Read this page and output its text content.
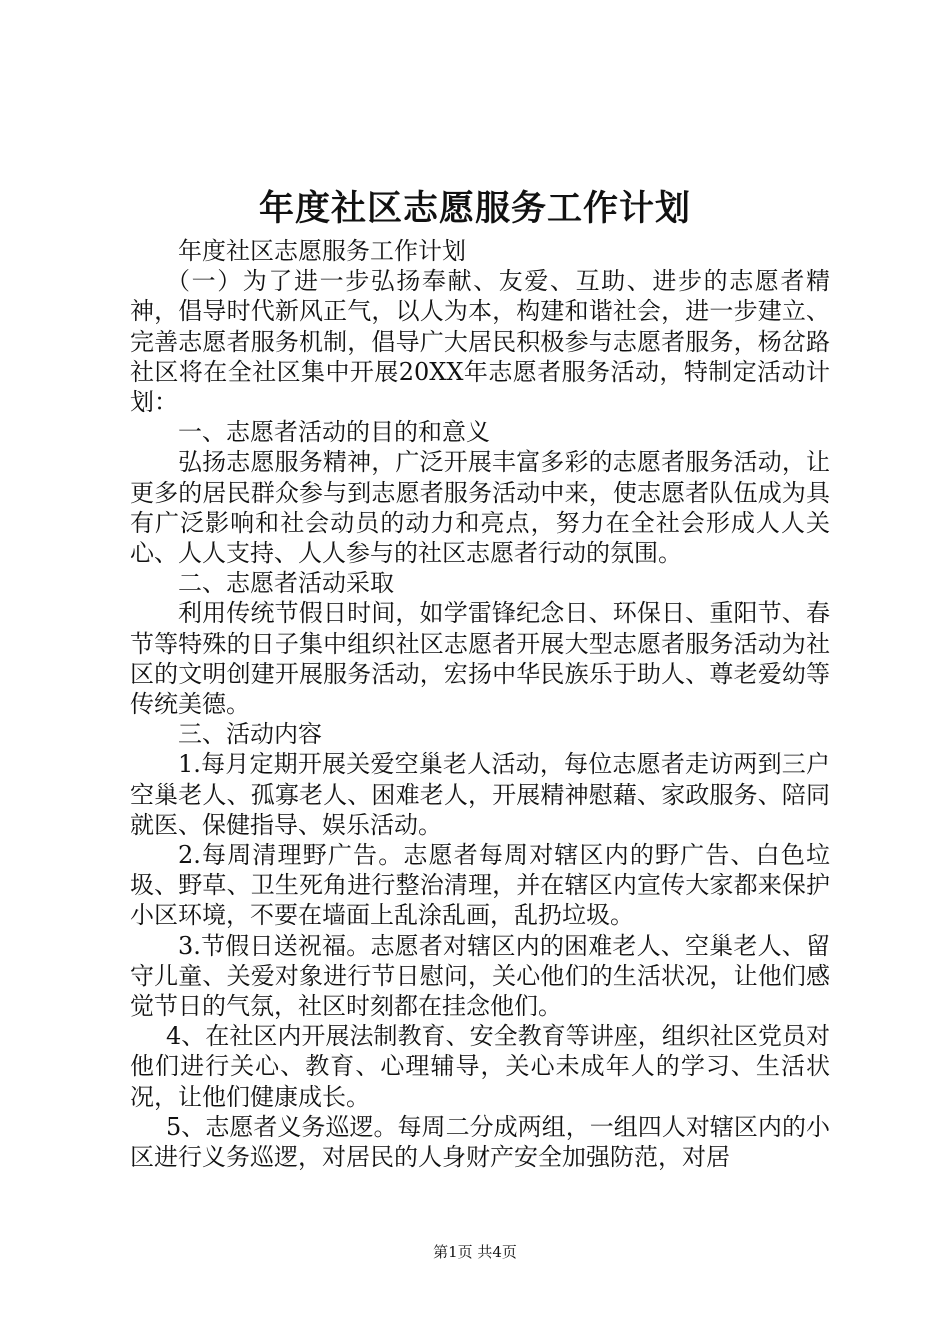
年度社区志愿服务工作计划

年度社区志愿服务工作计划

（一）为了进一步弘扬奉献、友爱、互助、进步的志愿者精神，倡导时代新风正气，以人为本，构建和谐社会，进一步建立、完善志愿者服务机制，倡导广大居民积极参与志愿者服务，杨岔路社区将在全社区集中开展20XX年志愿者服务活动，特制定活动计划：

一、志愿者活动的目的和意义

弘扬志愿服务精神，广泛开展丰富多彩的志愿者服务活动，让更多的居民群众参与到志愿者服务活动中来，使志愿者队伍成为具有广泛影响和社会动员的动力和亮点，努力在全社会形成人人关心、人人支持、人人参与的社区志愿者行动的氛围。

二、志愿者活动采取

利用传统节假日时间，如学雷锋纪念日、环保日、重阳节、春节等特殊的日子集中组织社区志愿者开展大型志愿者服务活动为社区的文明创建开展服务活动，宏扬中华民族乐于助人、尊老爱幼等传统美德。

三、活动内容

1.每月定期开展关爱空巢老人活动，每位志愿者走访两到三户空巢老人、孤寡老人、困难老人，开展精神慰藉、家政服务、陪同就医、保健指导、娱乐活动。

2.每周清理野广告。志愿者每周对辖区内的野广告、白色垃圾、野草、卫生死角进行整治清理，并在辖区内宣传大家都来保护小区环境，不要在墙面上乱涂乱画，乱扔垃圾。

3.节假日送祝福。志愿者对辖区内的困难老人、空巢老人、留守儿童、关爱对象进行节日慰问，关心他们的生活状况，让他们感觉节日的气氛，社区时刻都在挂念他们。

4、在社区内开展法制教育、安全教育等讲座，组织社区党员对他们进行关心、教育、心理辅导，关心未成年人的学习、生活状况，让他们健康成长。

5、志愿者义务巡逻。每周二分成两组，一组四人对辖区内的小区进行义务巡逻，对居民的人身财产安全加强防范，对居

第1页 共4页
